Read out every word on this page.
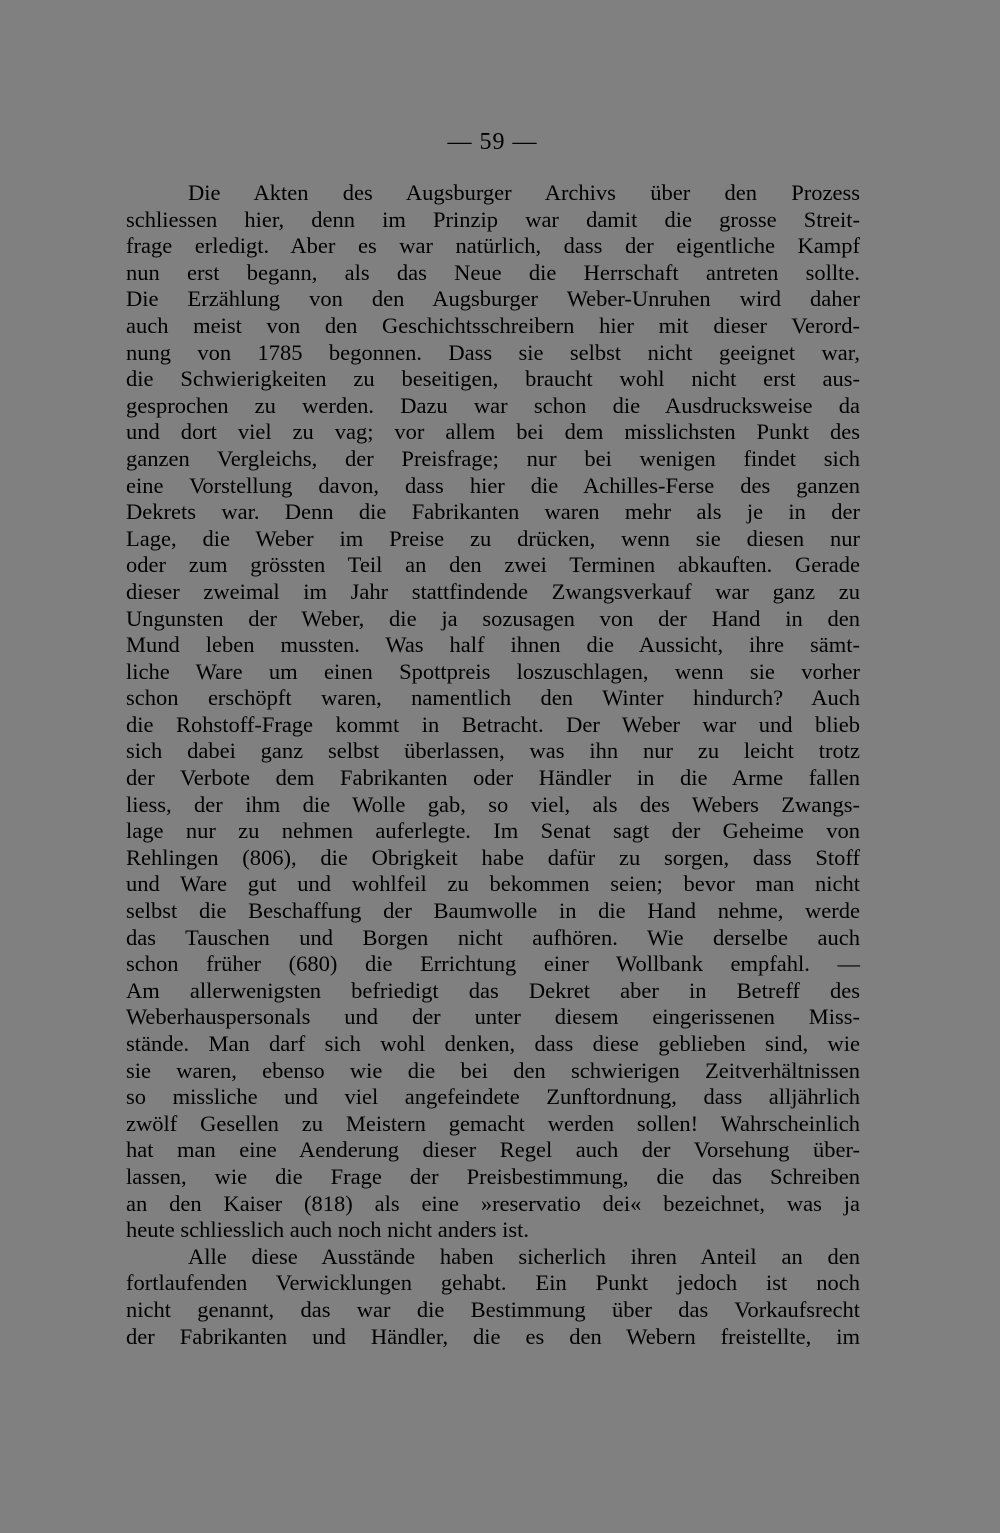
— 59 —
Die Akten des Augsburger Archivs über den Prozess
schliessen hier, denn im Prinzip war damit die grosse Streit-
frage erledigt. Aber es war natürlich, dass der eigentliche Kampf
nun erst begann, als das Neue die Herrschaft antreten sollte.
Die Erzählung von den Augsburger Weber-Unruhen wird daher
auch meist von den Geschichtsschreibern hier mit dieser Verord-
nung von 1785 begonnen. Dass sie selbst nicht geeignet war,
die Schwierigkeiten zu beseitigen, braucht wohl nicht erst aus-
gesprochen zu werden. Dazu war schon die Ausdrucksweise da
und dort viel zu vag; vor allem bei dem misslichsten Punkt des
ganzen Vergleichs, der Preisfrage; nur bei wenigen findet sich
eine Vorstellung davon, dass hier die Achilles-Ferse des ganzen
Dekrets war. Denn die Fabrikanten waren mehr als je in der
Lage, die Weber im Preise zu drücken, wenn sie diesen nur
oder zum grössten Teil an den zwei Terminen abkauften. Gerade
dieser zweimal im Jahr stattfindende Zwangsverkauf war ganz zu
Ungunsten der Weber, die ja sozusagen von der Hand in den
Mund leben mussten. Was half ihnen die Aussicht, ihre sämt-
liche Ware um einen Spottpreis loszuschlagen, wenn sie vorher
schon erschöpft waren, namentlich den Winter hindurch? Auch
die Rohstoff-Frage kommt in Betracht. Der Weber war und blieb
sich dabei ganz selbst überlassen, was ihn nur zu leicht trotz
der Verbote dem Fabrikanten oder Händler in die Arme fallen
liess, der ihm die Wolle gab, so viel, als des Webers Zwangs-
lage nur zu nehmen auferlegte. Im Senat sagt der Geheime von
Rehlingen (806), die Obrigkeit habe dafür zu sorgen, dass Stoff
und Ware gut und wohlfeil zu bekommen seien; bevor man nicht
selbst die Beschaffung der Baumwolle in die Hand nehme, werde
das Tauschen und Borgen nicht aufhören. Wie derselbe auch
schon früher (680) die Errichtung einer Wollbank empfahl. —
Am allerwenigsten befriedigt das Dekret aber in Betreff des
Weberhauspersonals und der unter diesem eingerissenen Miss-
stände. Man darf sich wohl denken, dass diese geblieben sind, wie
sie waren, ebenso wie die bei den schwierigen Zeitverhältnissen
so missliche und viel angefeindete Zunftordnung, dass alljährlich
zwölf Gesellen zu Meistern gemacht werden sollen! Wahrscheinlich
hat man eine Aenderung dieser Regel auch der Vorsehung über-
lassen, wie die Frage der Preisbestimmung, die das Schreiben
an den Kaiser (818) als eine »reservatio dei« bezeichnet, was ja
heute schliesslich auch noch nicht anders ist.
Alle diese Ausstände haben sicherlich ihren Anteil an den
fortlaufenden Verwicklungen gehabt. Ein Punkt jedoch ist noch
nicht genannt, das war die Bestimmung über das Vorkaufsrecht
der Fabrikanten und Händler, die es den Webern freistellte, im
